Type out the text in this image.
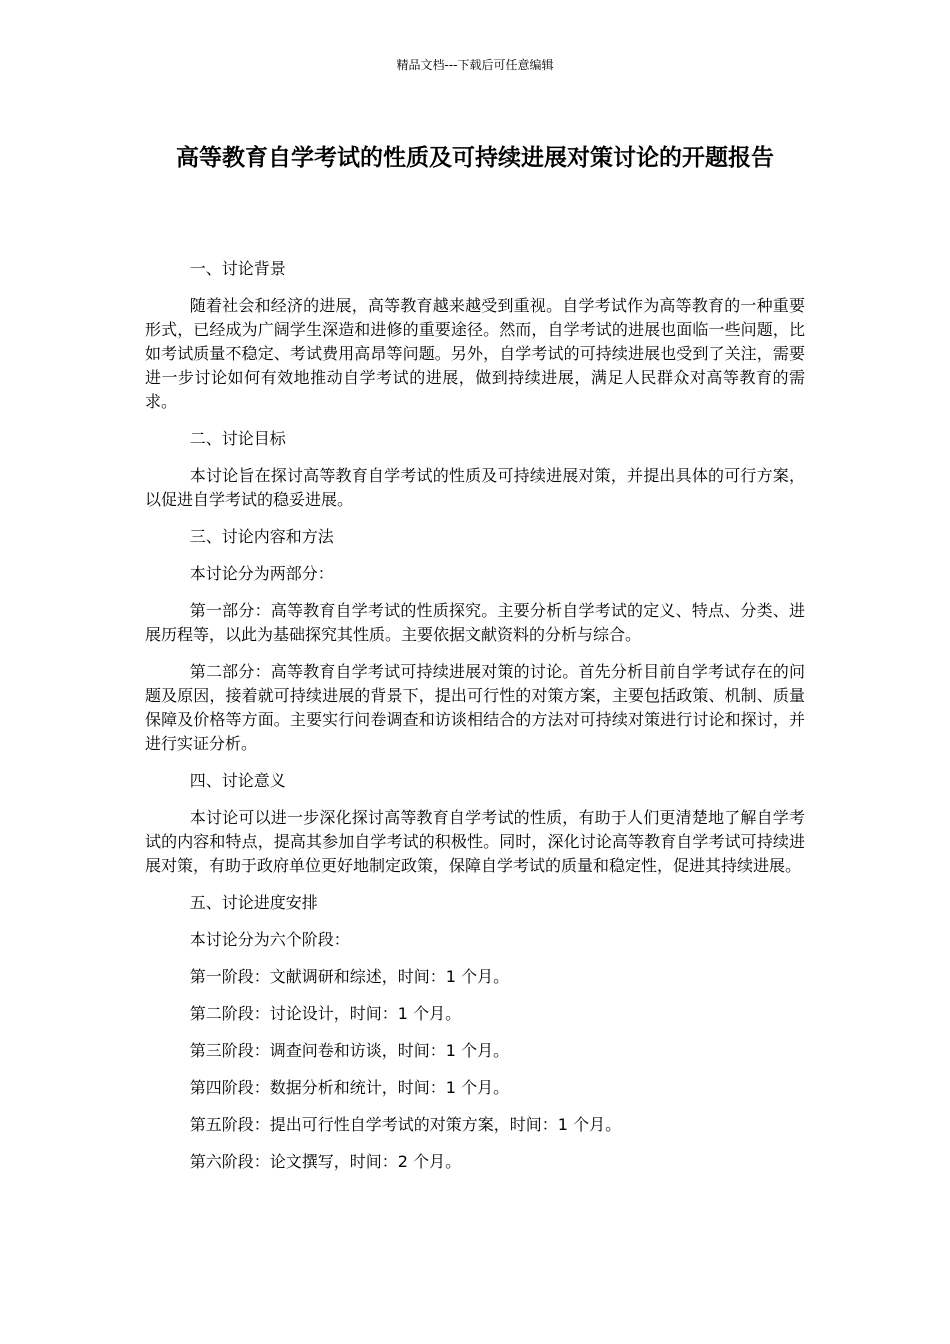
精品文档---下载后可任意编辑
高等教育自学考试的性质及可持续进展对策讨论的开题报告

一、讨论背景

随着社会和经济的进展，高等教育越来越受到重视。自学考试作为高等教育的一种重要形式，已经成为广阔学生深造和进修的重要途径。然而，自学考试的进展也面临一些问题，比如考试质量不稳定、考试费用高昂等问题。另外，自学考试的可持续进展也受到了关注，需要进一步讨论如何有效地推动自学考试的进展，做到持续进展，满足人民群众对高等教育的需求。

二、讨论目标

本讨论旨在探讨高等教育自学考试的性质及可持续进展对策，并提出具体的可行方案，以促进自学考试的稳妥进展。

三、讨论内容和方法

本讨论分为两部分：

第一部分：高等教育自学考试的性质探究。主要分析自学考试的定义、特点、分类、进展历程等，以此为基础探究其性质。主要依据文献资料的分析与综合。

第二部分：高等教育自学考试可持续进展对策的讨论。首先分析目前自学考试存在的问题及原因，接着就可持续进展的背景下，提出可行性的对策方案，主要包括政策、机制、质量保障及价格等方面。主要实行问卷调查和访谈相结合的方法对可持续对策进行讨论和探讨，并进行实证分析。

四、讨论意义

本讨论可以进一步深化探讨高等教育自学考试的性质，有助于人们更清楚地了解自学考试的内容和特点，提高其参加自学考试的积极性。同时，深化讨论高等教育自学考试可持续进展对策，有助于政府单位更好地制定政策，保障自学考试的质量和稳定性，促进其持续进展。

五、讨论进度安排

本讨论分为六个阶段：

第一阶段：文献调研和综述，时间：1 个月。

第二阶段：讨论设计，时间：1 个月。

第三阶段：调查问卷和访谈，时间：1 个月。

第四阶段：数据分析和统计，时间：1 个月。

第五阶段：提出可行性自学考试的对策方案，时间：1 个月。

第六阶段：论文撰写，时间：2 个月。
